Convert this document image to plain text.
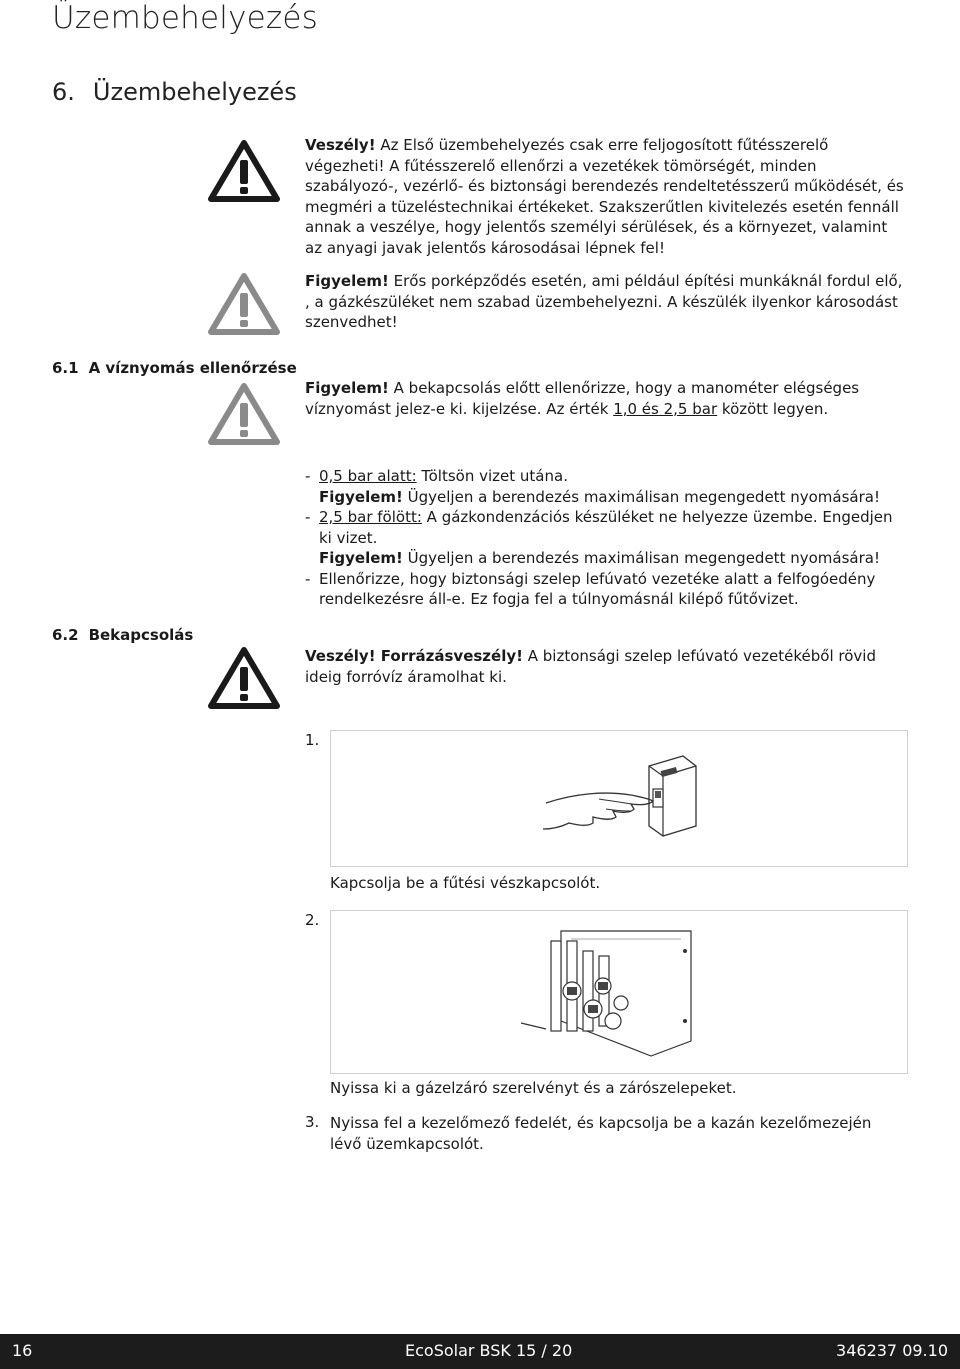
Üzembehelyezés
6. Üzembehelyezés
Veszély! Az Első üzembehelyezés csak erre feljogosított fűtésszerelő végezheti! A fűtésszerelő ellenőrzi a vezetékek tömörségét, minden szabályozó-, vezérlő- és biztonsági berendezés rendeltetésszerű működését, és megméri a tüzeléstechnikai értékeket. Szakszerűtlen kivitelezés esetén fennáll annak a veszélye, hogy jelentős személyi sérülések, és a környezet, valamint az anyagi javak jelentős károsodásai lépnek fel!
Figyelem! Erős porképződés esetén, ami például építési munkáknál fordul elő, , a gázkészüléket nem szabad üzembehelyezni. A készülék ilyenkor károsodást szenvedhet!
6.1 A víznyomás ellenőrzése
Figyelem! A bekapcsolás előtt ellenőrizze, hogy a manométer elégséges víznyomást jelez-e ki. kijelzése. Az érték 1,0 és 2,5 bar között legyen.
- 0,5 bar alatt: Töltsön vizet utána.
Figyelem! Ügyeljen a berendezés maximálisan megengedett nyomására!
- 2,5 bar fölött: A gázkondenzációs készüléket ne helyezze üzembe. Engedjen ki vizet.
Figyelem! Ügyeljen a berendezés maximálisan megengedett nyomására!
- Ellenőrizze, hogy biztonsági szelep lefúvató vezetéke alatt a felfogóedény rendelkezésre áll-e. Ez fogja fel a túlnyomásnál kilépő fűtővizet.
6.2 Bekapcsolás
Veszély! Forrázásveszély! A biztonsági szelep lefúvató vezetékéből rövid ideig forróvíz áramolhat ki.
1.
Kapcsolja be a fűtési vészkapcsolót.
2.
Nyissa ki a gázelzáró szerelvényt és a zárószelepeket.
3. Nyissa fel a kezelőmező fedelét, és kapcsolja be a kazán kezelőmezején lévő üzemkapcsolót.
16	EcoSolar BSK 15 / 20	346237 09.10
